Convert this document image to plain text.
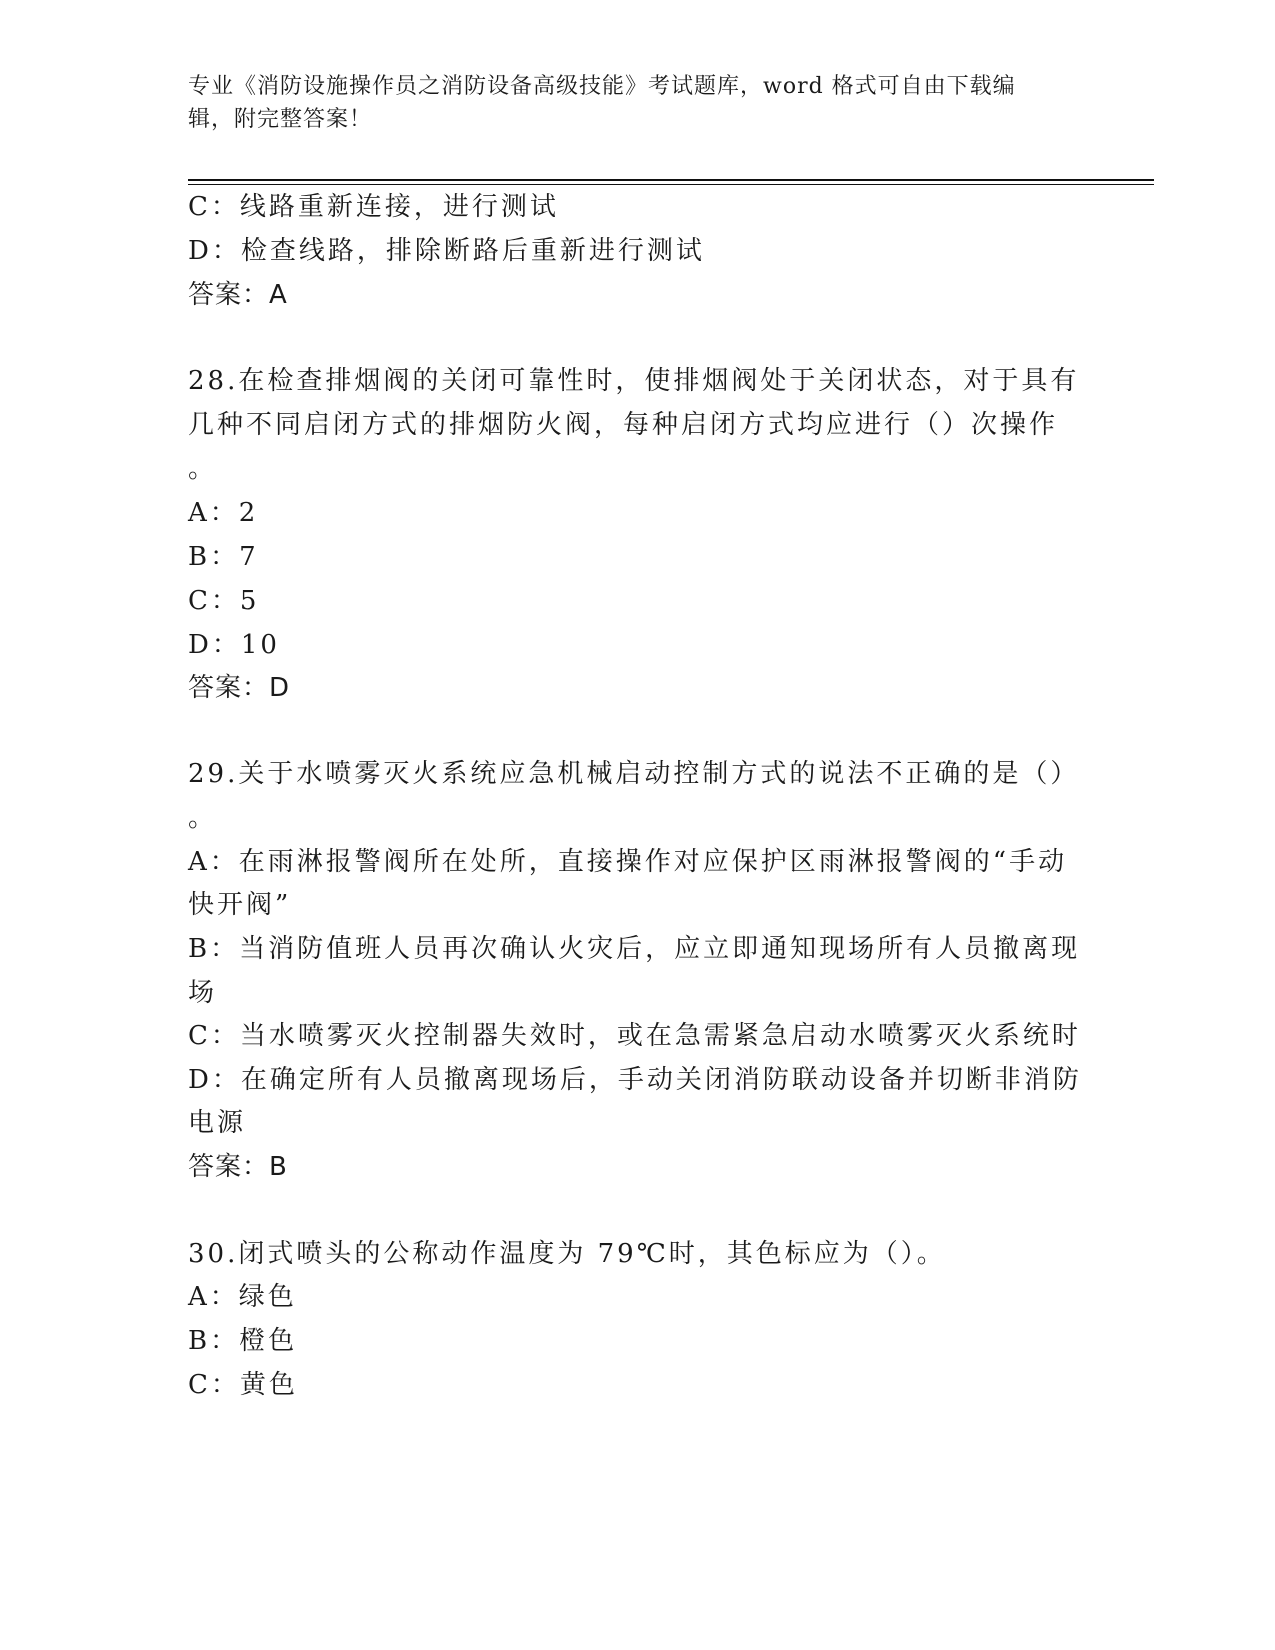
专业《消防设施操作员之消防设备高级技能》考试题库，word 格式可自由下载编
辑，附完整答案！
C：线路重新连接，进行测试
D：检查线路，排除断路后重新进行测试
答案：A
28.在检查排烟阀的关闭可靠性时，使排烟阀处于关闭状态，对于具有
几种不同启闭方式的排烟防火阀，每种启闭方式均应进行（）次操作
。
A：2
B：7
C：5
D：10
答案：D
29.关于水喷雾灭火系统应急机械启动控制方式的说法不正确的是（）
。
A：在雨淋报警阀所在处所，直接操作对应保护区雨淋报警阀的“手动
快开阀”
B：当消防值班人员再次确认火灾后，应立即通知现场所有人员撤离现
场
C：当水喷雾灭火控制器失效时，或在急需紧急启动水喷雾灭火系统时
D：在确定所有人员撤离现场后，手动关闭消防联动设备并切断非消防
电源
答案：B
30.闭式喷头的公称动作温度为 79℃时，其色标应为（）。
A：绿色
B：橙色
C：黄色
